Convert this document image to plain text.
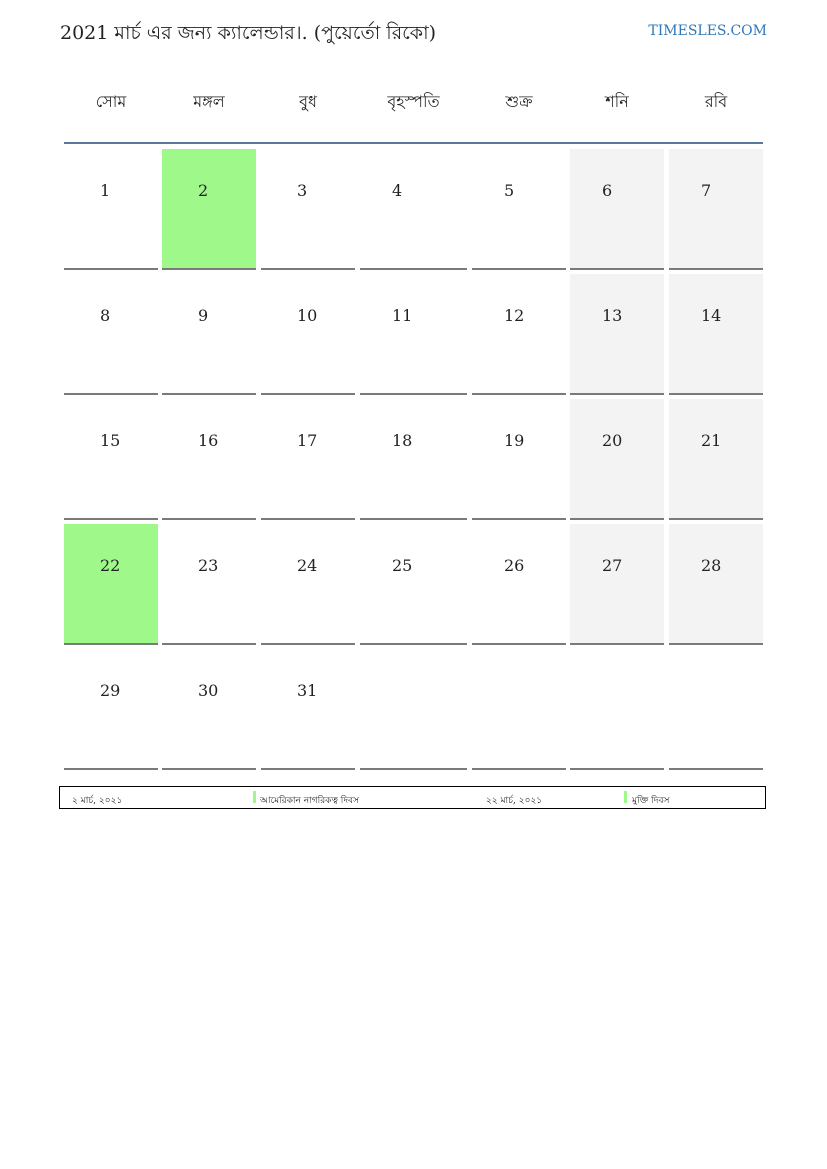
2021 মার্চ এর জন্য ক্যালেন্ডার।. (পুয়ের্তো রিকো)	TIMESLES.COM
সোম	মঙ্গল	বুধ	বৃহস্পতি	শুক্র	শনি	রবি
1	2	3	4	5	6	7
8	9	10	11	12	13	14
15	16	17	18	19	20	21
22	23	24	25	26	27	28
29	30	31
২ মার্চ, ২০২১	আমেরিকান নাগরিকত্ব দিবস	২২ মার্চ, ২০২১	মুক্তি দিবস
